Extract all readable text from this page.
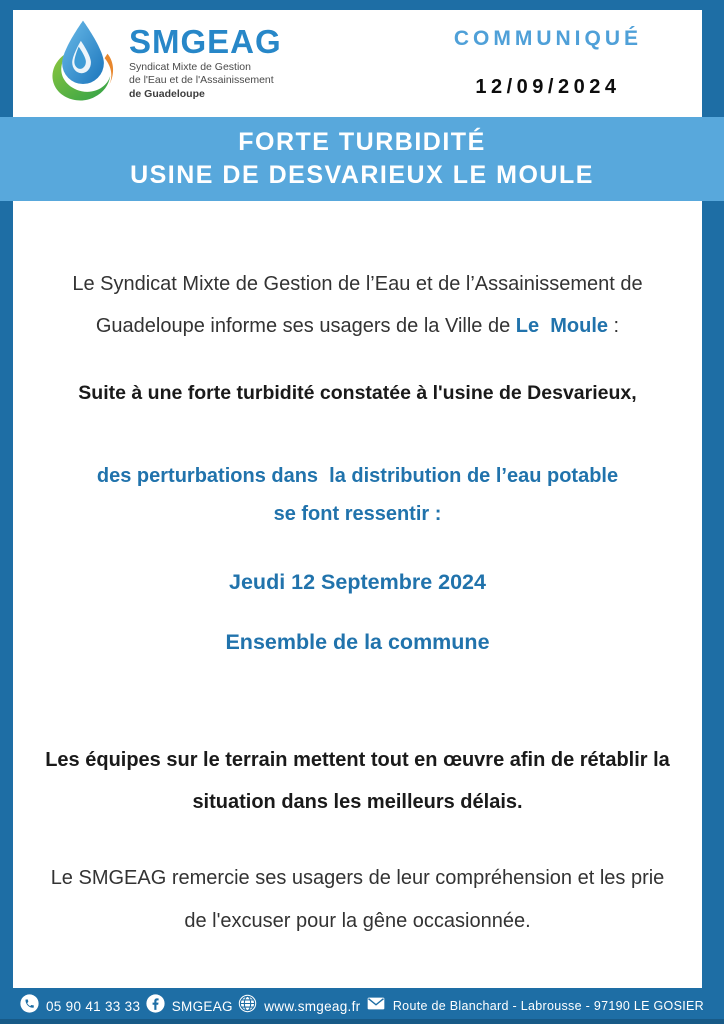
SMGEAG
Syndicat Mixte de Gestion
de l'Eau et de l'Assainissement
de Guadeloupe
COMMUNIQUÉ
12/09/2024
FORTE TURBIDITÉ
USINE DE DESVARIEUX LE MOULE

Le Syndicat Mixte de Gestion de l’Eau et de l’Assainissement de Guadeloupe informe ses usagers de la Ville de Le  Moule :

Suite à une forte turbidité constatée à l'usine de Desvarieux,

des perturbations dans  la distribution de l’eau potable
se font ressentir :

Jeudi 12 Septembre 2024

Ensemble de la commune

Les équipes sur le terrain mettent tout en œuvre afin de rétablir la situation dans les meilleurs délais.

Le SMGEAG remercie ses usagers de leur compréhension et les prie de l'excuser pour la gêne occasionnée.

05 90 41 33 33 SMGEAG www.smgeag.fr	Route de Blanchard - Labrousse - 97190 LE GOSIER
